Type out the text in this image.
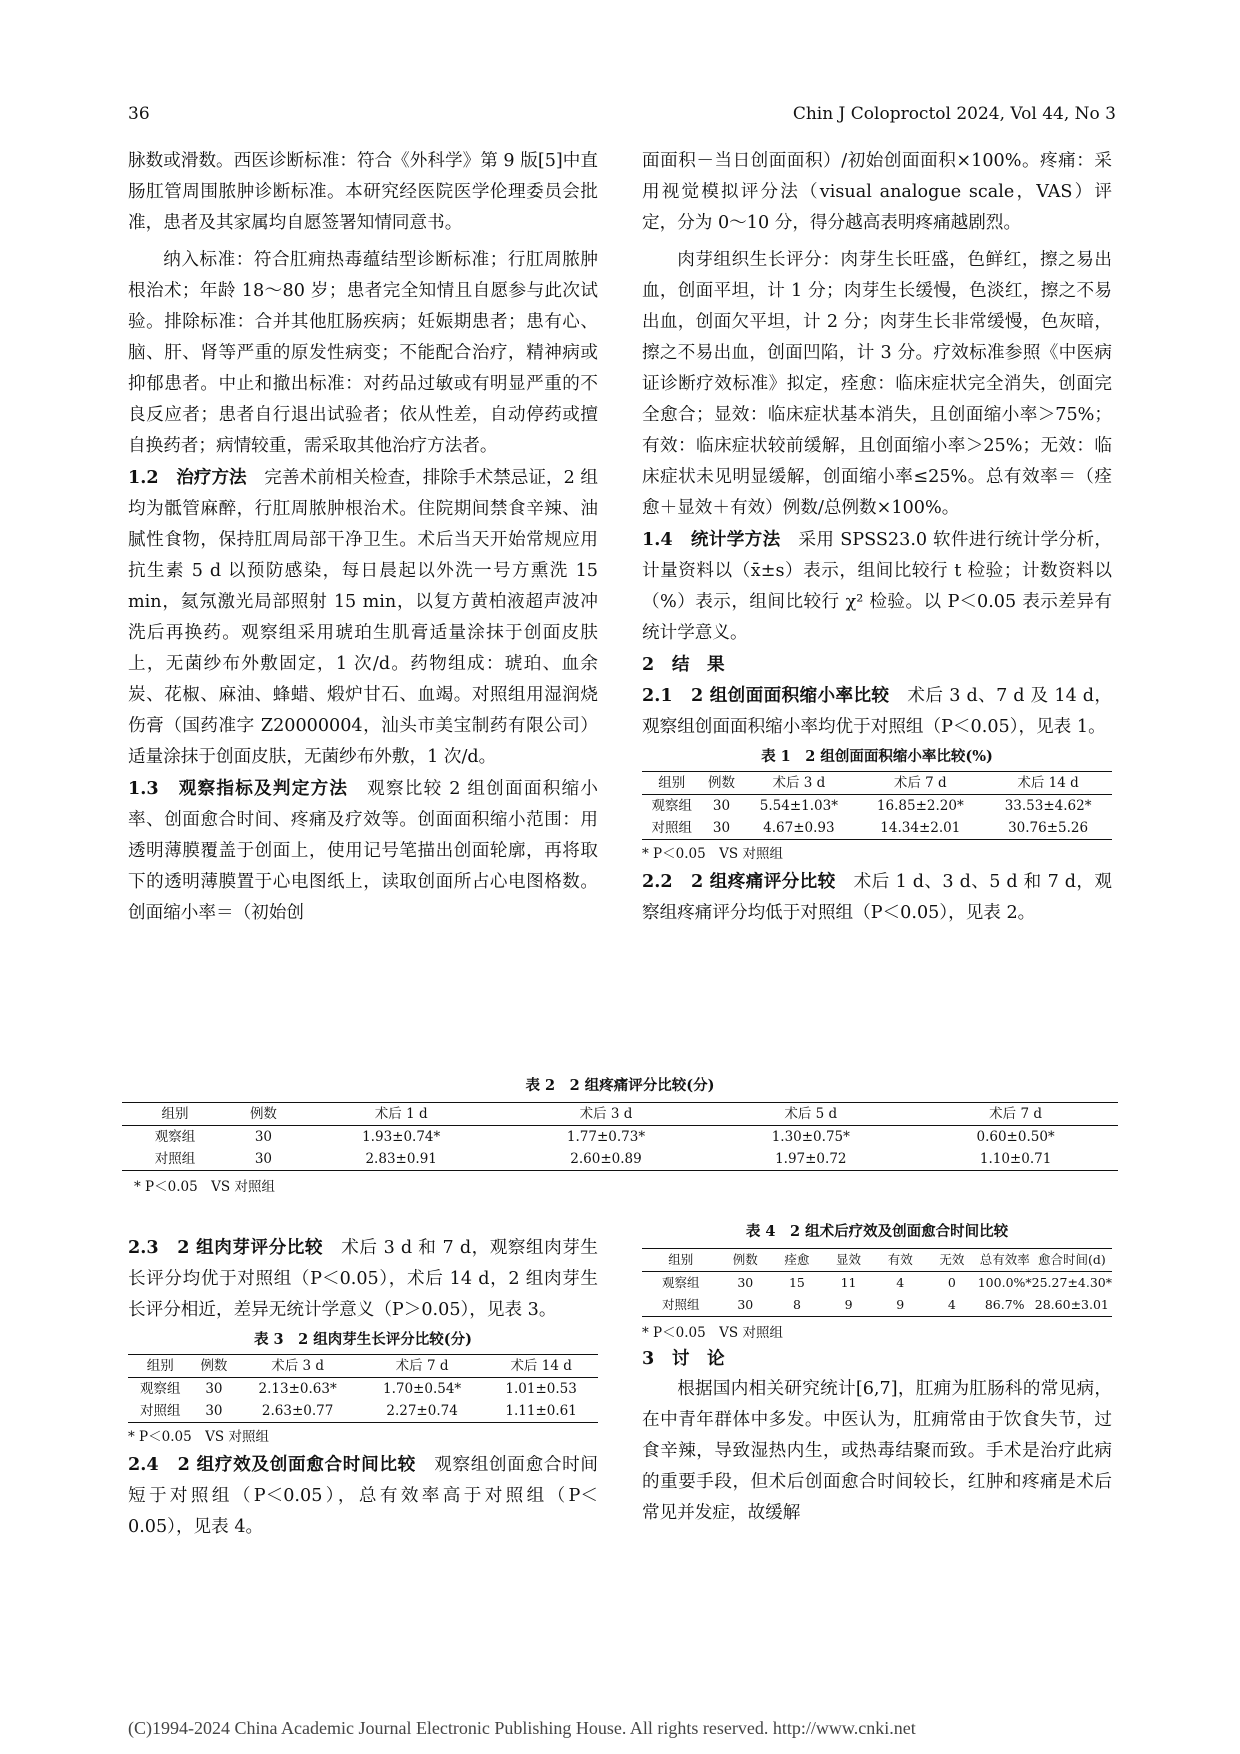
36	Chin J Coloproctol 2024, Vol 44, No 3

脉数或滑数。西医诊断标准：符合《外科学》第 9 版[5]中直肠肛管周围脓肿诊断标准。本研究经医院医学伦理委员会批准，患者及其家属均自愿签署知情同意书。

纳入标准：符合肛痈热毒蕴结型诊断标准；行肛周脓肿根治术；年龄 18～80 岁；患者完全知情且自愿参与此次试验。排除标准：合并其他肛肠疾病；妊娠期患者；患有心、脑、肝、肾等严重的原发性病变；不能配合治疗，精神病或抑郁患者。中止和撤出标准：对药品过敏或有明显严重的不良反应者；患者自行退出试验者；依从性差，自动停药或擅自换药者；病情较重，需采取其他治疗方法者。

1.2　治疗方法　完善术前相关检查，排除手术禁忌证，2 组均为骶管麻醉，行肛周脓肿根治术。住院期间禁食辛辣、油腻性食物，保持肛周局部干净卫生。术后当天开始常规应用抗生素 5 d 以预防感染，每日晨起以外洗一号方熏洗 15 min，氦氖激光局部照射 15 min，以复方黄柏液超声波冲洗后再换药。观察组采用琥珀生肌膏适量涂抹于创面皮肤上，无菌纱布外敷固定，1 次/d。药物组成：琥珀、血余炭、花椒、麻油、蜂蜡、煅炉甘石、血竭。对照组用湿润烧伤膏（国药准字 Z20000004，汕头市美宝制药有限公司）适量涂抹于创面皮肤，无菌纱布外敷，1 次/d。

1.3　观察指标及判定方法　观察比较 2 组创面面积缩小率、创面愈合时间、疼痛及疗效等。创面面积缩小范围：用透明薄膜覆盖于创面上，使用记号笔描出创面轮廓，再将取下的透明薄膜置于心电图纸上，读取创面所占心电图格数。创面缩小率＝（初始创

面面积－当日创面面积）/初始创面面积×100%。疼痛：采用视觉模拟评分法（visual analogue scale，VAS）评定，分为 0～10 分，得分越高表明疼痛越剧烈。

肉芽组织生长评分：肉芽生长旺盛，色鲜红，擦之易出血，创面平坦，计 1 分；肉芽生长缓慢，色淡红，擦之不易出血，创面欠平坦，计 2 分；肉芽生长非常缓慢，色灰暗，擦之不易出血，创面凹陷，计 3 分。疗效标准参照《中医病证诊断疗效标准》拟定，痊愈：临床症状完全消失，创面完全愈合；显效：临床症状基本消失，且创面缩小率＞75%；有效：临床症状较前缓解，且创面缩小率＞25%；无效：临床症状未见明显缓解，创面缩小率≤25%。总有效率＝（痊愈＋显效＋有效）例数/总例数×100%。

1.4　统计学方法　采用 SPSS23.0 软件进行统计学分析，计量资料以（x̄±s）表示，组间比较行 t 检验；计数资料以（%）表示，组间比较行 χ² 检验。以 P＜0.05 表示差异有统计学意义。

2　结　果

2.1　2 组创面面积缩小率比较　术后 3 d、7 d 及 14 d，观察组创面面积缩小率均优于对照组（P＜0.05），见表 1。

表 1　2 组创面面积缩小率比较(%)

组别	例数	术后 3 d	术后 7 d	术后 14 d
观察组	30	5.54±1.03*	16.85±2.20*	33.53±4.62*
对照组	30	4.67±0.93	14.34±2.01	30.76±5.26
* P＜0.05　VS 对照组

2.2　2 组疼痛评分比较　术后 1 d、3 d、5 d 和 7 d，观察组疼痛评分均低于对照组（P＜0.05），见表 2。

表 2　2 组疼痛评分比较(分)

组别	例数	术后 1 d	术后 3 d	术后 5 d	术后 7 d
观察组	30	1.93±0.74*	1.77±0.73*	1.30±0.75*	0.60±0.50*
对照组	30	2.83±0.91	2.60±0.89	1.97±0.72	1.10±0.71
* P＜0.05　VS 对照组

2.3　2 组肉芽评分比较　术后 3 d 和 7 d，观察组肉芽生长评分均优于对照组（P＜0.05），术后 14 d，2 组肉芽生长评分相近，差异无统计学意义（P＞0.05），见表 3。

表 3　2 组肉芽生长评分比较(分)

组别	例数	术后 3 d	术后 7 d	术后 14 d
观察组	30	2.13±0.63*	1.70±0.54*	1.01±0.53
对照组	30	2.63±0.77	2.27±0.74	1.11±0.61
* P＜0.05　VS 对照组

2.4　2 组疗效及创面愈合时间比较　观察组创面愈合时间短于对照组（P＜0.05），总有效率高于对照组（P＜0.05），见表 4。

表 4　2 组术后疗效及创面愈合时间比较

组别	例数	痊愈	显效	有效	无效	总有效率	愈合时间(d)
观察组	30	15	11	4	0	100.0%*	25.27±4.30*
对照组	30	8	9	9	4	86.7%	28.60±3.01
* P＜0.05　VS 对照组

3　讨　论

根据国内相关研究统计[6,7]，肛痈为肛肠科的常见病，在中青年群体中多发。中医认为，肛痈常由于饮食失节，过食辛辣，导致湿热内生，或热毒结聚而致。手术是治疗此病的重要手段，但术后创面愈合时间较长，红肿和疼痛是术后常见并发症，故缓解

(C)1994-2024 China Academic Journal Electronic Publishing House. All rights reserved. http://www.cnki.net
